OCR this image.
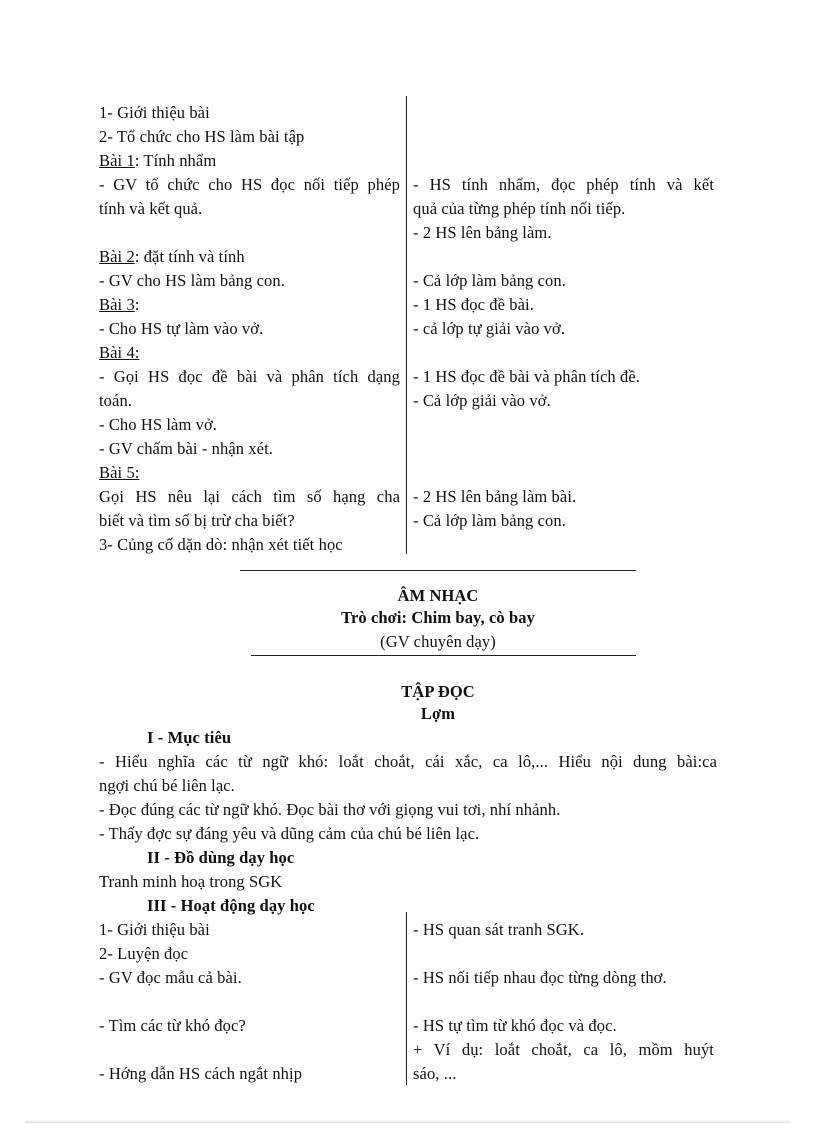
1- Giới thiệu bài
2- Tổ chức cho HS làm bài tập
Bài 1: Tính nhẩm
- GV tổ chức cho HS đọc nối tiếp phép
tính và kết quả.
Bài 2: đặt tính và tính
- GV cho HS làm bảng con.
Bài 3:
- Cho HS tự làm vào vở.
Bài 4:
- Gọi HS đọc đề bài và phân tích dạng
toán.
- Cho HS làm vở.
- GV chấm bài - nhận xét.
Bài 5:
Gọi HS nêu lại cách tìm số hạng cha
biết và tìm số bị trừ cha biết?
3- Củng cố dặn dò: nhận xét tiết học
- HS tính nhẩm, đọc phép tính và kết
quả của từng phép tính nối tiếp.
- 2 HS lên bảng làm.
- Cả lớp làm bảng con.
- 1 HS đọc đề bài.
- cả lớp tự giải vào vở.
- 1 HS đọc đề bài và phân tích đề.
- Cả lớp giải vào vở.
- 2 HS lên bảng làm bài.
- Cả lớp làm bảng con.
ÂM NHẠC
Trò chơi: Chim bay, cò bay
(GV chuyên dạy)
TẬP ĐỌC
Lợm
I - Mục tiêu
- Hiểu nghĩa các từ ngữ khó: loắt choắt, cái xắc, ca lô,... Hiểu nội dung bài:ca
ngợi chú bé liên lạc.
- Đọc đúng các từ ngữ khó. Đọc bài thơ với giọng vui tơi, nhí nhảnh.
- Thấy đợc sự đáng yêu và dũng cảm của chú bé liên lạc.
II - Đồ dùng dạy học
Tranh minh hoạ trong SGK
III - Hoạt động dạy học
1- Giới thiệu bài
2- Luyện đọc
- GV đọc mẫu cả bài.
- Tìm các từ khó đọc?
- Hớng dẫn HS cách ngắt nhịp
- HS quan sát tranh SGK.
- HS nối tiếp nhau đọc từng dòng thơ.
- HS tự tìm từ khó đọc và đọc.
+ Ví dụ: loắt choắt, ca lô, mồm huýt
sáo, ...
